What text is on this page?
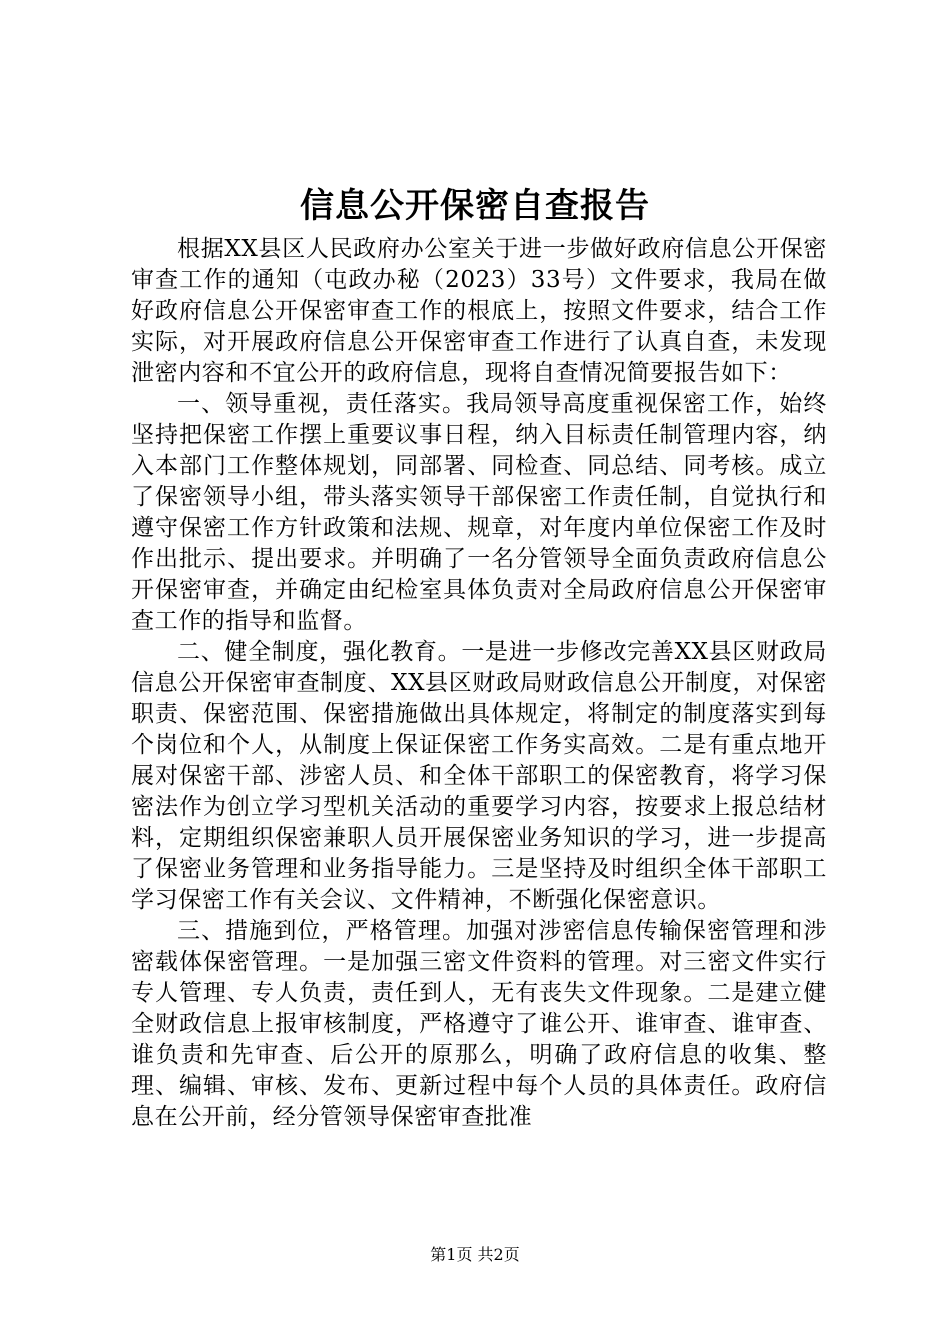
信息公开保密自查报告

根据XX县区人民政府办公室关于进一步做好政府信息公开保密审查工作的通知（屯政办秘（2023）33号）文件要求，我局在做好政府信息公开保密审查工作的根底上，按照文件要求，结合工作实际，对开展政府信息公开保密审查工作进行了认真自查，未发现泄密内容和不宜公开的政府信息，现将自查情况简要报告如下：

一、领导重视，责任落实。我局领导高度重视保密工作，始终坚持把保密工作摆上重要议事日程，纳入目标责任制管理内容，纳入本部门工作整体规划，同部署、同检查、同总结、同考核。成立了保密领导小组，带头落实领导干部保密工作责任制，自觉执行和遵守保密工作方针政策和法规、规章，对年度内单位保密工作及时作出批示、提出要求。并明确了一名分管领导全面负责政府信息公开保密审查，并确定由纪检室具体负责对全局政府信息公开保密审查工作的指导和监督。

二、健全制度，强化教育。一是进一步修改完善XX县区财政局信息公开保密审查制度、XX县区财政局财政信息公开制度，对保密职责、保密范围、保密措施做出具体规定，将制定的制度落实到每个岗位和个人，从制度上保证保密工作务实高效。二是有重点地开展对保密干部、涉密人员、和全体干部职工的保密教育，将学习保密法作为创立学习型机关活动的重要学习内容，按要求上报总结材料，定期组织保密兼职人员开展保密业务知识的学习，进一步提高了保密业务管理和业务指导能力。三是坚持及时组织全体干部职工学习保密工作有关会议、文件精神，不断强化保密意识。

三、措施到位，严格管理。加强对涉密信息传输保密管理和涉密载体保密管理。一是加强三密文件资料的管理。对三密文件实行专人管理、专人负责，责任到人，无有丧失文件现象。二是建立健全财政信息上报审核制度，严格遵守了谁公开、谁审查、谁审查、谁负责和先审查、后公开的原那么，明确了政府信息的收集、整理、编辑、审核、发布、更新过程中每个人员的具体责任。政府信息在公开前，经分管领导保密审查批准

第1页 共2页
